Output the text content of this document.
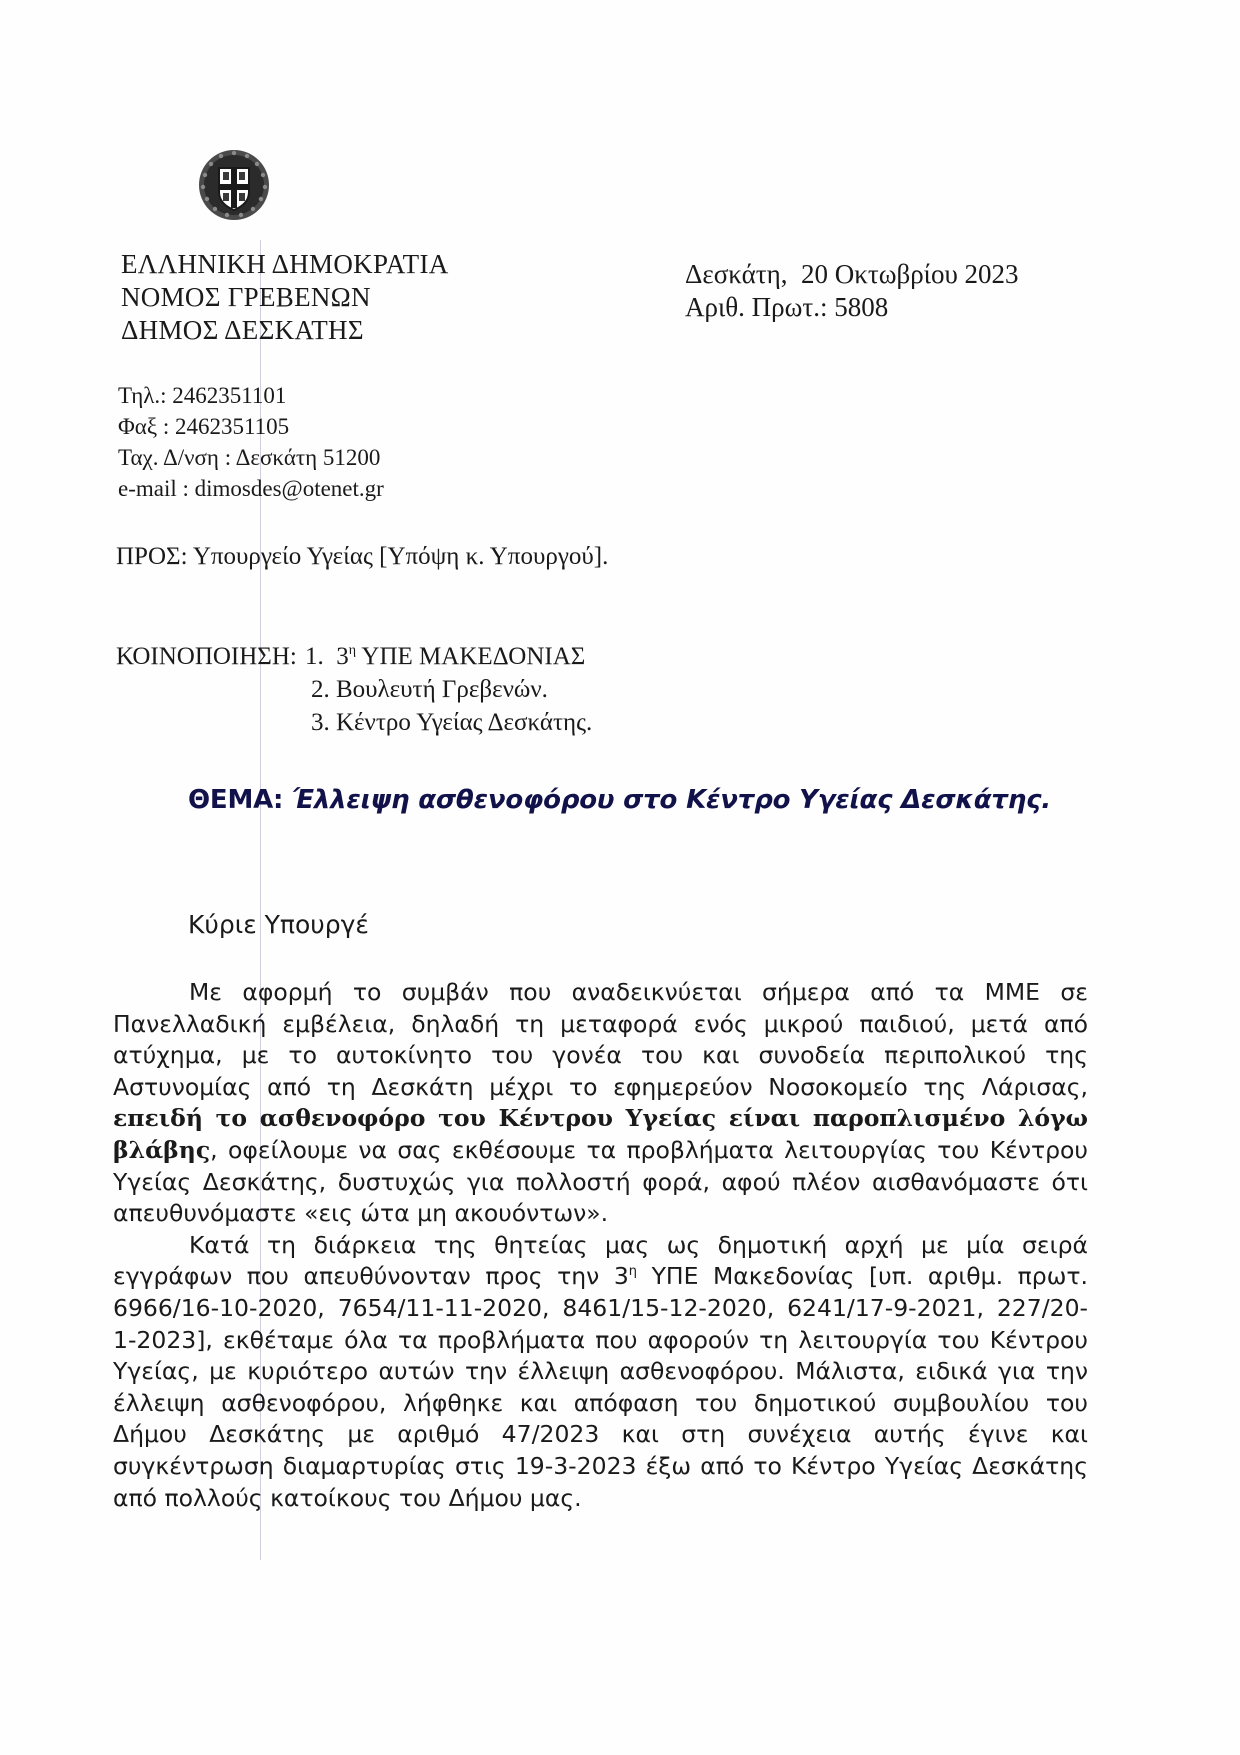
ΕΛΛΗΝΙΚΗ ΔΗΜΟΚΡΑΤΙΑ
ΝΟΜΟΣ ΓΡΕΒΕΝΩΝ
ΔΗΜΟΣ ΔΕΣΚΑΤΗΣ
Δεσκάτη,  20 Οκτωβρίου 2023
Αριθ. Πρωτ.: 5808
Τηλ.: 2462351101
Φαξ : 2462351105
Ταχ. Δ/νση : Δεσκάτη 51200
e-mail : dimosdes@otenet.gr
ΠΡΟΣ: Υπουργείο Υγείας [Υπόψη κ. Υπουργού].
ΚΟΙΝΟΠΟΙΗΣΗ: 1.  $3^\eta$ ΥΠΕ ΜΑΚΕΔΟΝΙΑΣ
2. Βουλευτή Γρεβενών.
3. Κέντρο Υγείας Δεσκάτης.
ΘΕΜΑ: Έλλειψη ασθενοφόρου στο Κέντρο Υγείας Δεσκάτης.
Κύριε Υπουργέ

Με αφορμή το συμβάν που αναδεικνύεται σήμερα από τα ΜΜΕ σε Πανελλαδική εμβέλεια, δηλαδή τη μεταφορά ενός μικρού παιδιού, μετά από ατύχημα, με το αυτοκίνητο του γονέα του και συνοδεία περιπολικού της Αστυνομίας από τη Δεσκάτη μέχρι το εφημερεύον Νοσοκομείο της Λάρισας, επειδή το ασθενοφόρο του Κέντρου Υγείας είναι παροπλισμένο λόγω βλάβης, οφείλουμε να σας εκθέσουμε τα προβλήματα λειτουργίας του Κέντρου Υγείας Δεσκάτης, δυστυχώς για πολλοστή φορά, αφού πλέον αισθανόμαστε ότι απευθυνόμαστε «εις ώτα μη ακουόντων».

Κατά τη διάρκεια της θητείας μας ως δημοτική αρχή με μία σειρά εγγράφων που απευθύνονταν προς την $3^\eta$ ΥΠΕ Μακεδονίας [υπ. αριθμ. πρωτ. 6966/16-10-2020, 7654/11-11-2020, 8461/15-12-2020, 6241/17-9-2021, 227/20-1-2023], εκθέταμε όλα τα προβλήματα που αφορούν τη λειτουργία του Κέντρου Υγείας, με κυριότερο αυτών την έλλειψη ασθενοφόρου. Μάλιστα, ειδικά για την έλλειψη ασθενοφόρου, λήφθηκε και απόφαση του δημοτικού συμβουλίου του Δήμου Δεσκάτης με αριθμό 47/2023 και στη συνέχεια αυτής έγινε και συγκέντρωση διαμαρτυρίας στις 19-3-2023 έξω από το Κέντρο Υγείας Δεσκάτης από πολλούς κατοίκους του Δήμου μας.
